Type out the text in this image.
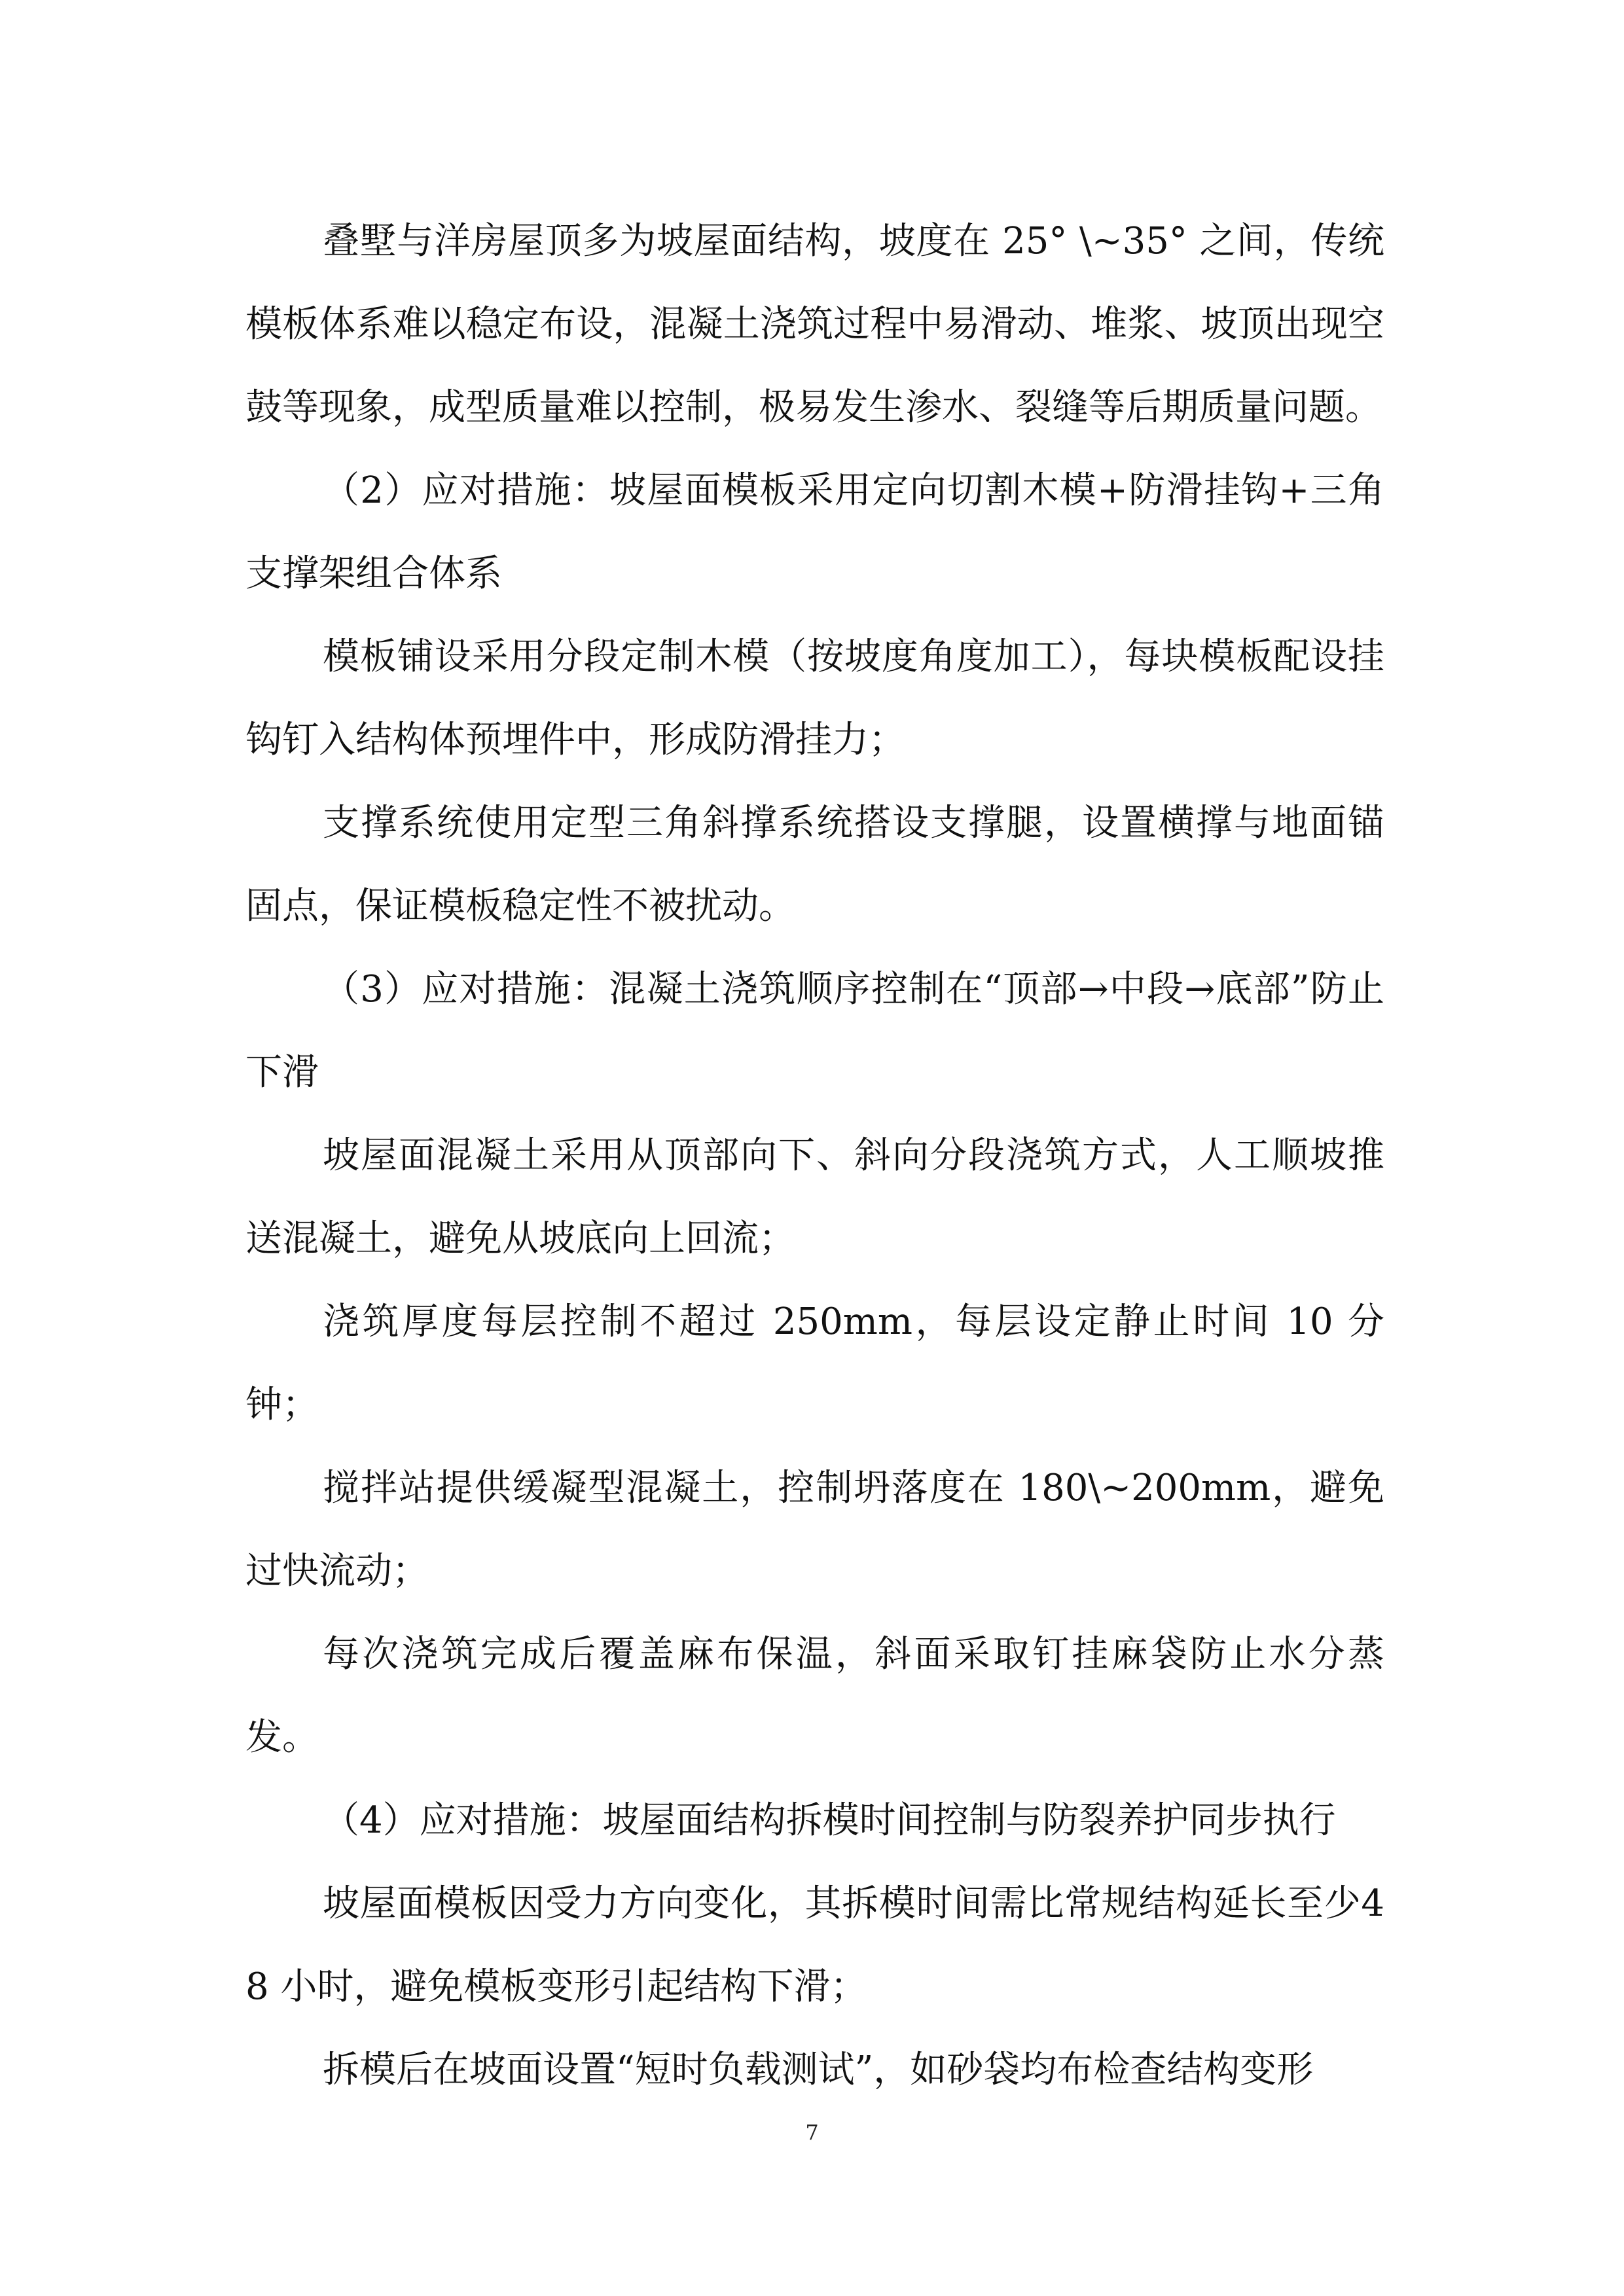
叠墅与洋房屋顶多为坡屋面结构，坡度在 25° \~35° 之间，传统模板体系难以稳定布设，混凝土浇筑过程中易滑动、堆浆、坡顶出现空鼓等现象，成型质量难以控制，极易发生渗水、裂缝等后期质量问题。

（2）应对措施：坡屋面模板采用定向切割木模+防滑挂钩+三角支撑架组合体系

模板铺设采用分段定制木模（按坡度角度加工），每块模板配设挂钩钉入结构体预埋件中，形成防滑挂力；

支撑系统使用定型三角斜撑系统搭设支撑腿，设置横撑与地面锚固点，保证模板稳定性不被扰动。

（3）应对措施：混凝土浇筑顺序控制在“顶部→中段→底部”防止下滑

坡屋面混凝土采用从顶部向下、斜向分段浇筑方式，人工顺坡推送混凝土，避免从坡底向上回流；

浇筑厚度每层控制不超过 250mm，每层设定静止时间 10 分钟；

搅拌站提供缓凝型混凝土，控制坍落度在 180\~200mm，避免过快流动；

每次浇筑完成后覆盖麻布保温，斜面采取钉挂麻袋防止水分蒸发。

（4）应对措施：坡屋面结构拆模时间控制与防裂养护同步执行

坡屋面模板因受力方向变化，其拆模时间需比常规结构延长至少48 小时，避免模板变形引起结构下滑；

拆模后在坡面设置“短时负载测试”，如砂袋均布检查结构变形

7
